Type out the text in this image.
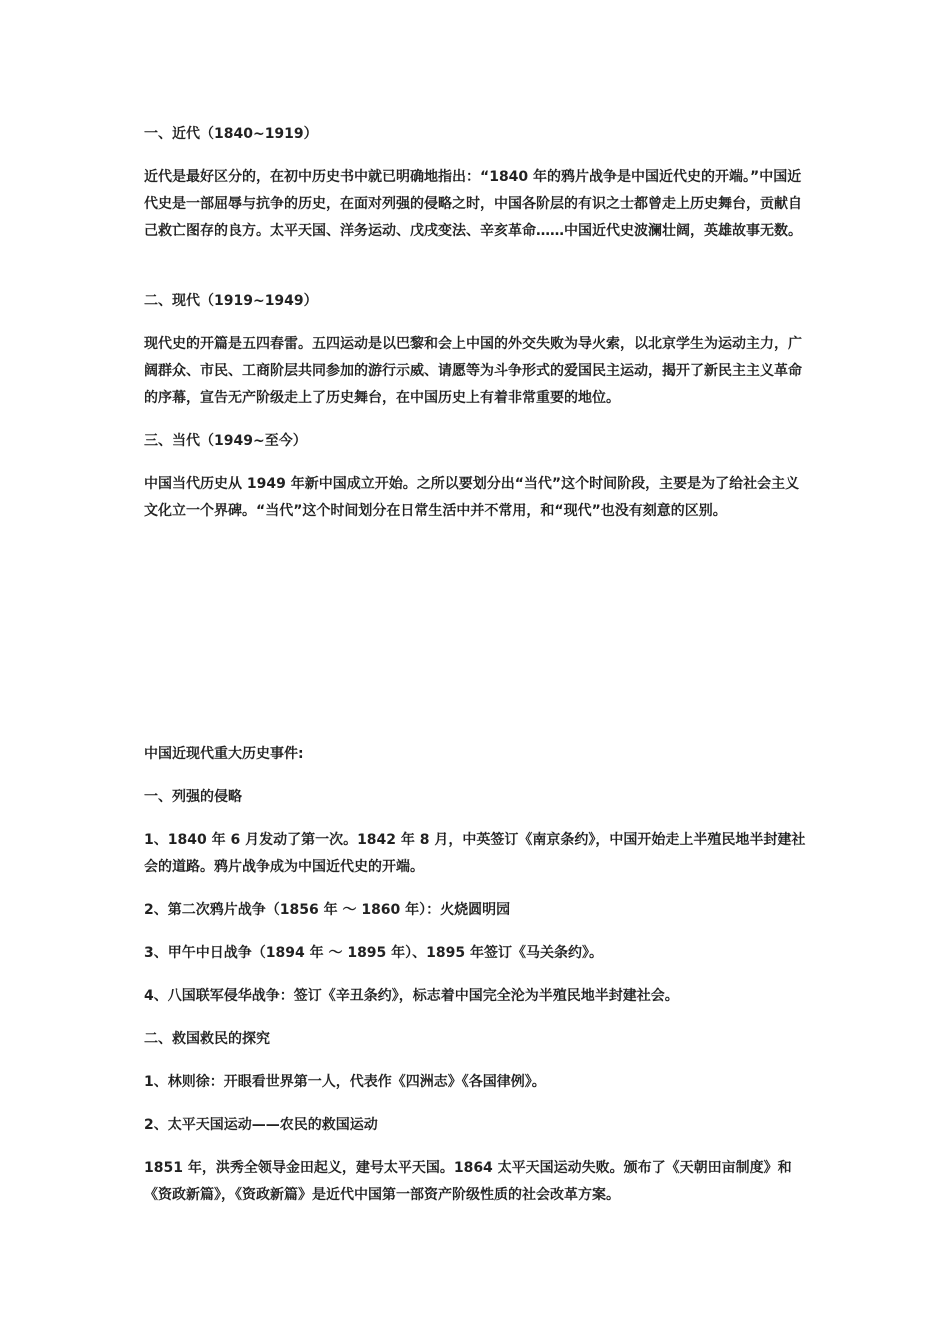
一、近代（1840~1919）

近代是最好区分的，在初中历史书中就已明确地指出：“1840 年的鸦片战争是中国近代史的开端。”中国近代史是一部屈辱与抗争的历史，在面对列强的侵略之时，中国各阶层的有识之士都曾走上历史舞台，贡献自己救亡图存的良方。太平天国、洋务运动、戊戌变法、辛亥革命……中国近代史波澜壮阔，英雄故事无数。

二、现代（1919~1949）

现代史的开篇是五四春雷。五四运动是以巴黎和会上中国的外交失败为导火索，以北京学生为运动主力，广阔群众、市民、工商阶层共同参加的游行示威、请愿等为斗争形式的爱国民主运动，揭开了新民主主义革命的序幕，宣告无产阶级走上了历史舞台，在中国历史上有着非常重要的地位。

三、当代（1949~至今）

中国当代历史从 1949 年新中国成立开始。之所以要划分出“当代”这个时间阶段，主要是为了给社会主义文化立一个界碑。“当代”这个时间划分在日常生活中并不常用，和“现代”也没有刻意的区别。

中国近现代重大历史事件:

一、列强的侵略

1、1840 年 6 月发动了第一次。1842 年 8 月，中英签订《南京条约》，中国开始走上半殖民地半封建社会的道路。鸦片战争成为中国近代史的开端。

2、第二次鸦片战争（1856 年 ～ 1860 年）：火烧圆明园

3、甲午中日战争（1894 年 ～ 1895 年）、1895 年签订《马关条约》。

4、八国联军侵华战争：签订《辛丑条约》，标志着中国完全沦为半殖民地半封建社会。

二、救国救民的探究

1、林则徐：开眼看世界第一人，代表作《四洲志》《各国律例》。

2、太平天国运动——农民的救国运动

1851 年，洪秀全领导金田起义，建号太平天国。1864 太平天国运动失败。颁布了《天朝田亩制度》和《资政新篇》，《资政新篇》是近代中国第一部资产阶级性质的社会改革方案。
